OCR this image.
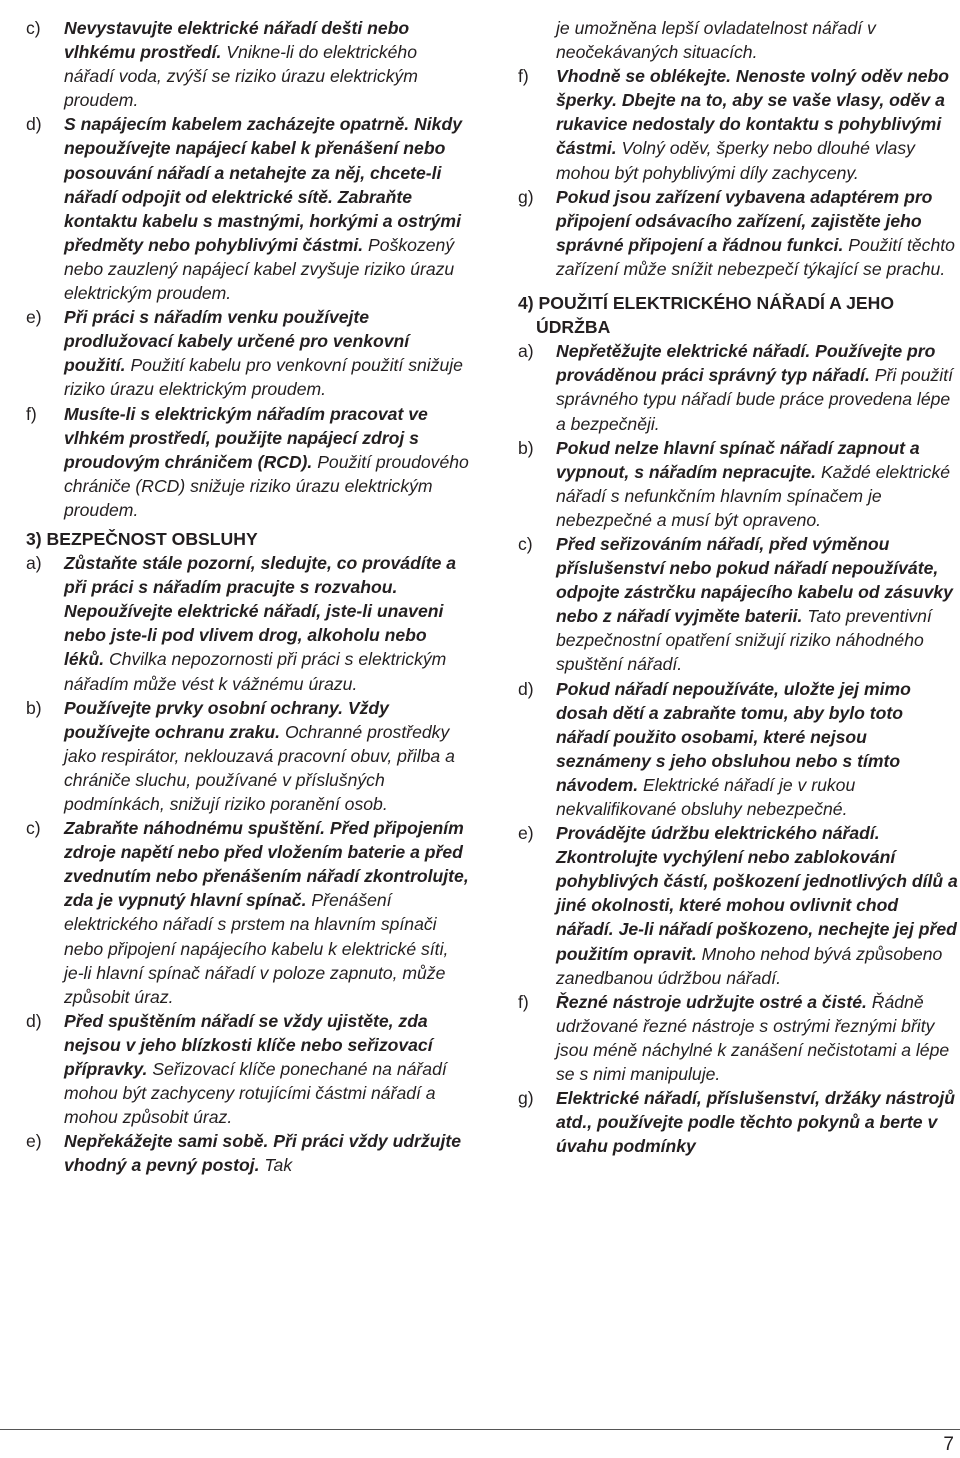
c) Nevystavujte elektrické nářadí dešti nebo vlhkému prostředí. Vniknе-li do elektrického nářadí voda, zvýší se riziko úrazu elektrickým proudem.
d) S napájecím kabelem zacházejte opatrně. Nikdy nepoužívejte napájecí kabel k přenášení nebo posouvání nářadí a netahejte za něj, chcete-li nářadí odpojit od elektrické sítě. Zabraňte kontaktu kabelu s mastnými, horkými a ostrými předměty nebo pohyblivými částmi. Poškozený nebo zauzlený napájecí kabel zvyšuje riziko úrazu elektrickým proudem.
e) Při práci s nářadím venku používejte prodlužovací kabely určené pro venkovní použití. Použití kabelu pro venkovní použití snižuje riziko úrazu elektrickým proudem.
f) Musíte-li s elektrickým nářadím pracovat ve vlhkém prostředí, použijte napájecí zdroj s proudovým chráničem (RCD). Použití proudového chrániče (RCD) snižuje riziko úrazu elektrickým proudem.
3) BEZPEČNOST OBSLUHY
a) Zůstaňte stále pozorní, sledujte, co provádíte a při práci s nářadím pracujte s rozvahou. Nepoužívejte elektrické nářadí, jste-li unaveni nebo jste-li pod vlivem drog, alkoholu nebo léků. Chvilka nepozornosti při práci s elektrickým nářadím může vést k vážnému úrazu.
b) Používejte prvky osobní ochrany. Vždy používejte ochranu zraku. Ochranné prostředky jako respirátor, neklouzavá pracovní obuv, přilba a chrániče sluchu, používané v příslušných podmínkách, snižují riziko poranění osob.
c) Zabraňte náhodnému spuštění. Před připojením zdroje napětí nebo před vložením baterie a před zvednutím nebo přenášením nářadí zkontrolujte, zda je vypnutý hlavní spínač. Přenášení elektrického nářadí s prstem na hlavním spínači nebo připojení napájecího kabelu k elektrické síti, je-li hlavní spínač nářadí v poloze zapnuto, může způsobit úraz.
d) Před spuštěním nářadí se vždy ujistěte, zda nejsou v jeho blízkosti klíče nebo seřizovací přípravky. Seřizovací klíče ponechané na nářadí mohou být zachyceny rotujícími částmi nářadí a mohou způsobit úraz.
e) Nepřekážejte sami sobě. Při práci vždy udržujte vhodný a pevný postoj. Tak
je umožněna lepší ovladatelnost nářadí v neočekávaných situacích.
f) Vhodně se oblékejte. Nenoste volný oděv nebo šperky. Dbejte na to, aby se vaše vlasy, oděv a rukavice nedostaly do kontaktu s pohyblivými částmi. Volný oděv, šperky nebo dlouhé vlasy mohou být pohyblivými díly zachyceny.
g) Pokud jsou zařízení vybavena adaptérem pro připojení odsávacího zařízení, zajistěte jeho správné připojení a řádnou funkci. Použití těchto zařízení může snížit nebezpečí týkající se prachu.
4) POUŽITÍ ELEKTRICKÉHO NÁŘADÍ A JEHO ÚDRŽBA
a) Nepřetěžujte elektrické nářadí. Používejte pro prováděnou práci správný typ nářadí. Při použití správného typu nářadí bude práce provedena lépe a bezpečněji.
b) Pokud nelze hlavní spínač nářadí zapnout a vypnout, s nářadím nepracujte. Každé elektrické nářadí s nefunkčním hlavním spínačem je nebezpečné a musí být opraveno.
c) Před seřizováním nářadí, před výměnou příslušenství nebo pokud nářadí nepoužíváte, odpojte zástrčku napájecího kabelu od zásuvky nebo z nářadí vyjměte baterii. Tato preventivní bezpečnostní opatření snižují riziko náhodného spuštění nářadí.
d) Pokud nářadí nepoužíváte, uložte jej mimo dosah dětí a zabraňte tomu, aby bylo toto nářadí použito osobami, které nejsou seznámeny s jeho obsluhou nebo s tímto návodem. Elektrické nářadí je v rukou nekvalifikované obsluhy nebezpečné.
e) Provádějte údržbu elektrického nářadí. Zkontrolujte vychýlení nebo zablokování pohyblivých částí, poškození jednotlivých dílů a jiné okolnosti, které mohou ovlivnit chod nářadí. Je-li nářadí poškozeno, nechejte jej před použitím opravit. Mnoho nehod bývá způsobeno zanedbanou údržbou nářadí.
f) Řezné nástroje udržujte ostré a čisté. Řádně udržované řezné nástroje s ostrými řeznými břity jsou méně náchylné k zanášení nečistotami a lépe se s nimi manipuluje.
g) Elektrické nářadí, příslušenství, držáky nástrojů atd., používejte podle těchto pokynů a berte v úvahu podmínky
7
